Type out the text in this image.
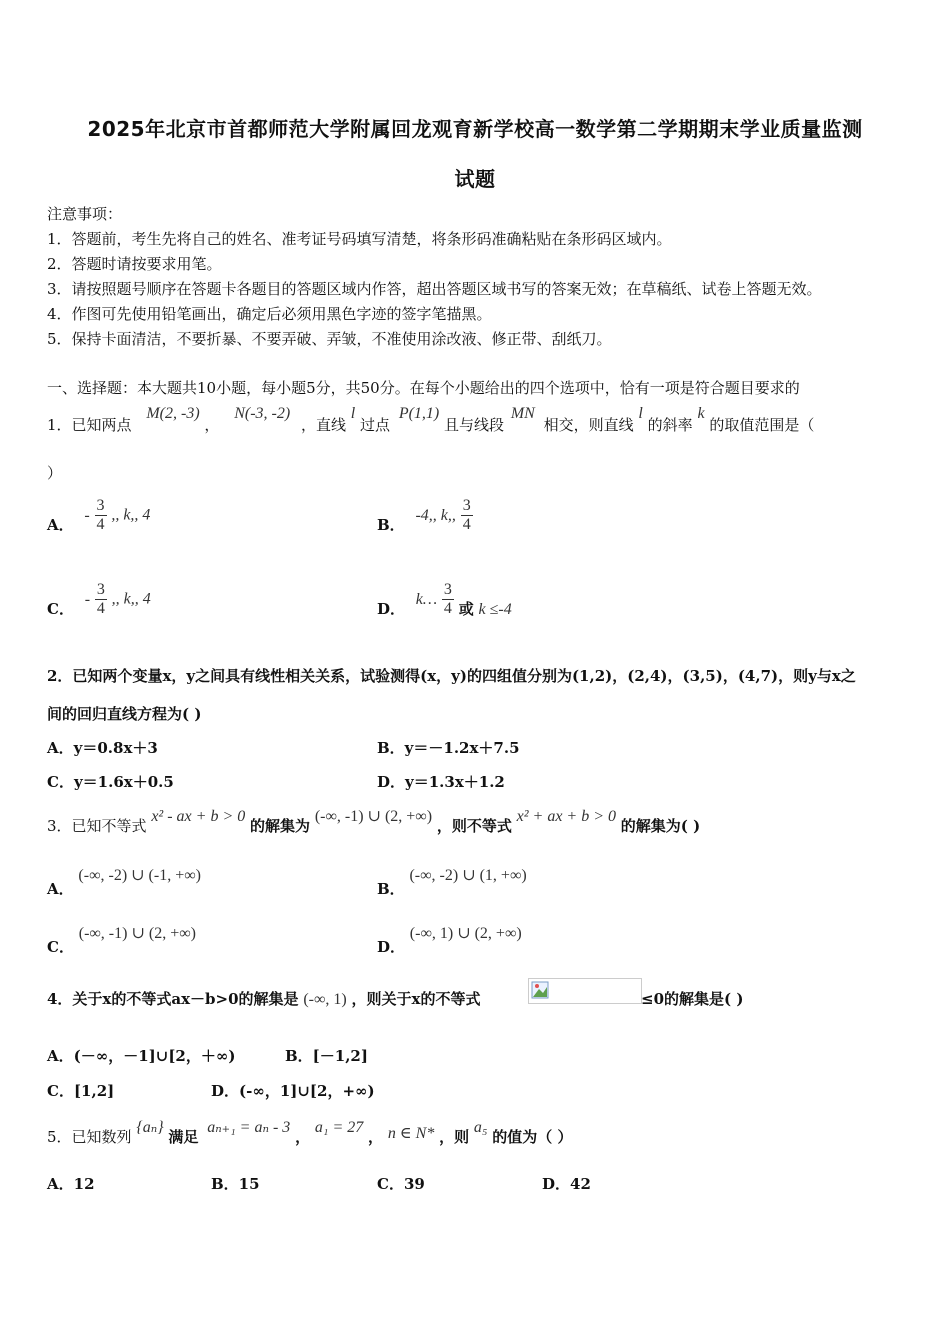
2025年北京市首都师范大学附属回龙观育新学校高一数学第二学期期末学业质量监测
试题
注意事项：
1．答题前，考生先将自己的姓名、准考证号码填写清楚，将条形码准确粘贴在条形码区域内。
2．答题时请按要求用笔。
3．请按照题号顺序在答题卡各题目的答题区域内作答，超出答题区域书写的答案无效；在草稿纸、试卷上答题无效。
4．作图可先使用铅笔画出，确定后必须用黑色字迹的签字笔描黑。
5．保持卡面清洁，不要折暴、不要弄破、弄皱，不准使用涂改液、修正带、刮纸刀。
一、选择题：本大题共10小题，每小题5分，共50分。在每个小题给出的四个选项中，恰有一项是符合题目要求的
1．已知两点 M(2, -3) ， N(-3, -2) ，直线 l 过点 P(1,1) 且与线段 MN 相交，则直线 l 的斜率 k 的取值范围是（
）
A． - $\frac{3}{4}$ ,, k,, 4
B． -4,, k,, $\frac{3}{4}$
C． - $\frac{3}{4}$ ,, k,, 4
D． k… $\frac{3}{4}$ 或 k ≤-4
2．已知两个变量x，y之间具有线性相关关系，试验测得(x，y)的四组值分别为(1,2)，(2,4)，(3,5)，(4,7)，则y与x之
间的回归直线方程为( )
A．y＝0.8x＋3	B．y＝－1.2x＋7.5
C．y＝1.6x＋0.5	D．y＝1.3x＋1.2
3．已知不等式 x² - ax + b > 0 的解集为 (-∞, -1) ∪ (2, +∞) ，则不等式 x² + ax + b > 0 的解集为( )
A． (-∞, -2) ∪ (-1, +∞)
B． (-∞, -2) ∪ (1, +∞)
C． (-∞, -1) ∪ (2, +∞)
D． (-∞, 1) ∪ (2, +∞)
4．关于x的不等式ax－b>0的解集是 (-∞, 1) ，则关于x的不等式	≤0的解集是( )
A．(－∞，－1]∪[2，＋∞)	B．[－1,2]
C．[1,2]	D．(-∞，1]∪[2，+∞)
5．已知数列 {aₙ} 满足 aₙ₊₁ = aₙ - 3 ， a₁ = 27 ， n ∈ N* ，则 a₅ 的值为（ ）
A．12	B．15	C．39	D．42
